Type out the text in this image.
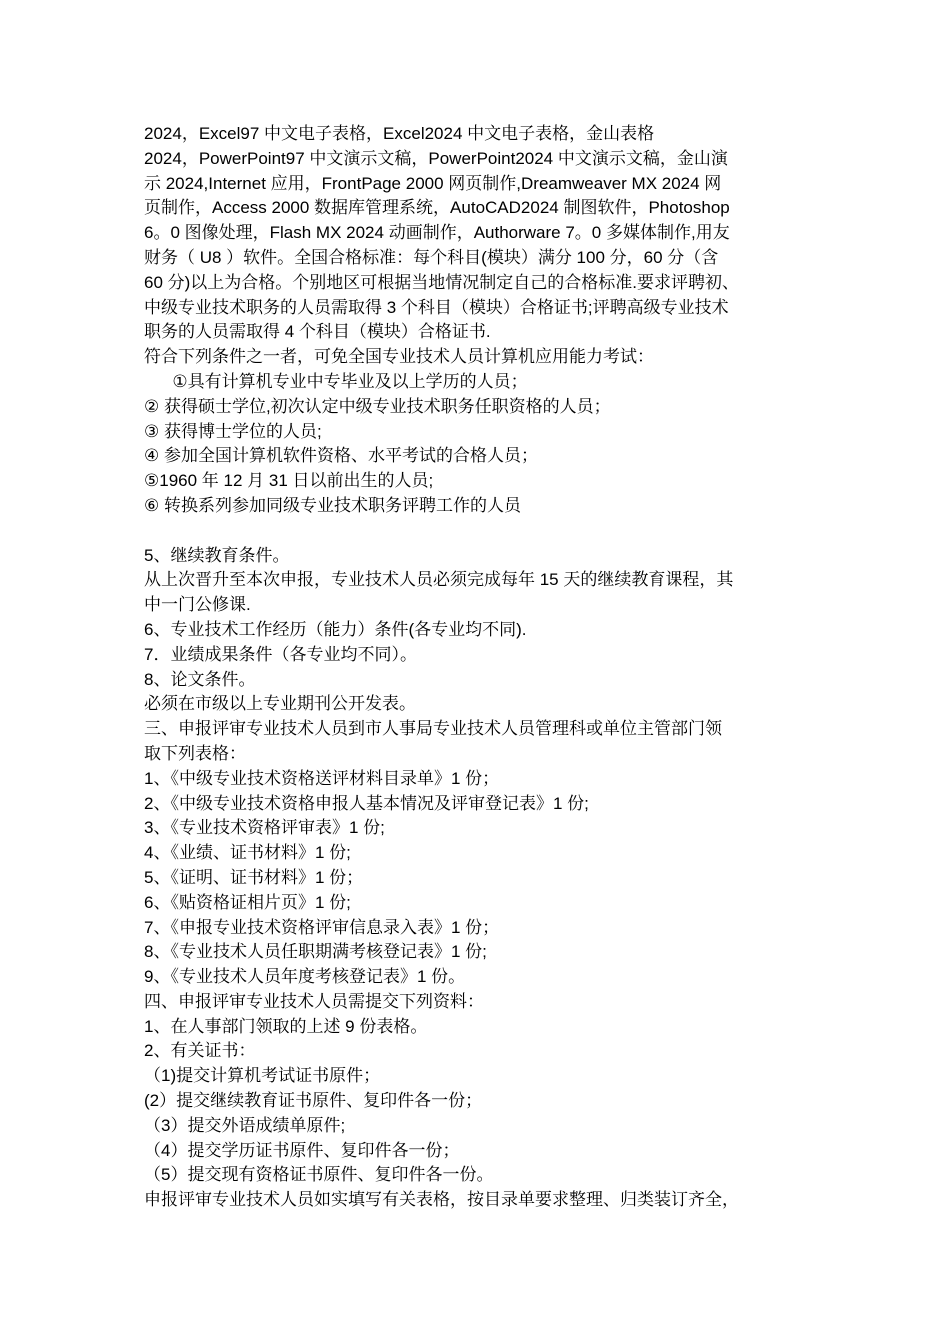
2024，Excel97 中文电子表格，Excel2024 中文电子表格，金山表格
2024，PowerPoint97 中文演示文稿，PowerPoint2024 中文演示文稿，金山演
示 2024,Internet 应用，FrontPage 2000 网页制作,Dreamweaver MX 2024 网
页制作，Access 2000 数据库管理系统，AutoCAD2024 制图软件，Photoshop
6。0 图像处理，Flash MX 2024 动画制作，Authorware 7。0 多媒体制作,用友
财务（ U8 ）软件。全国合格标准：每个科目(模块）满分 100 分，60 分（含
60 分)以上为合格。个别地区可根据当地情况制定自己的合格标准.要求评聘初、
中级专业技术职务的人员需取得 3 个科目（模块）合格证书;评聘高级专业技术
职务的人员需取得 4 个科目（模块）合格证书.
符合下列条件之一者，可免全国专业技术人员计算机应用能力考试：
①具有计算机专业中专毕业及以上学历的人员；
② 获得硕士学位,初次认定中级专业技术职务任职资格的人员；
③ 获得博士学位的人员;
④ 参加全国计算机软件资格、水平考试的合格人员；
⑤1960 年 12 月 31 日以前出生的人员;
⑥ 转换系列参加同级专业技术职务评聘工作的人员
5、继续教育条件。
从上次晋升至本次申报，专业技术人员必须完成每年 15 天的继续教育课程，其
中一门公修课.
6、专业技术工作经历（能力）条件(各专业均不同).
7．业绩成果条件（各专业均不同）。
8、论文条件。
必须在市级以上专业期刊公开发表。
三、申报评审专业技术人员到市人事局专业技术人员管理科或单位主管部门领
取下列表格：
1、《中级专业技术资格送评材料目录单》1 份；
2、《中级专业技术资格申报人基本情况及评审登记表》1 份;
3、《专业技术资格评审表》1 份;
4、《业绩、证书材料》1 份;
5、《证明、证书材料》1 份；
6、《贴资格证相片页》1 份;
7、《申报专业技术资格评审信息录入表》1 份；
8、《专业技术人员任职期满考核登记表》1 份;
9、《专业技术人员年度考核登记表》1 份。
四、申报评审专业技术人员需提交下列资料：
1、在人事部门领取的上述 9 份表格。
2、有关证书：
（1)提交计算机考试证书原件；
(2）提交继续教育证书原件、复印件各一份；
（3）提交外语成绩单原件;
（4）提交学历证书原件、复印件各一份；
（5）提交现有资格证书原件、复印件各一份。
申报评审专业技术人员如实填写有关表格，按目录单要求整理、归类装订齐全，
